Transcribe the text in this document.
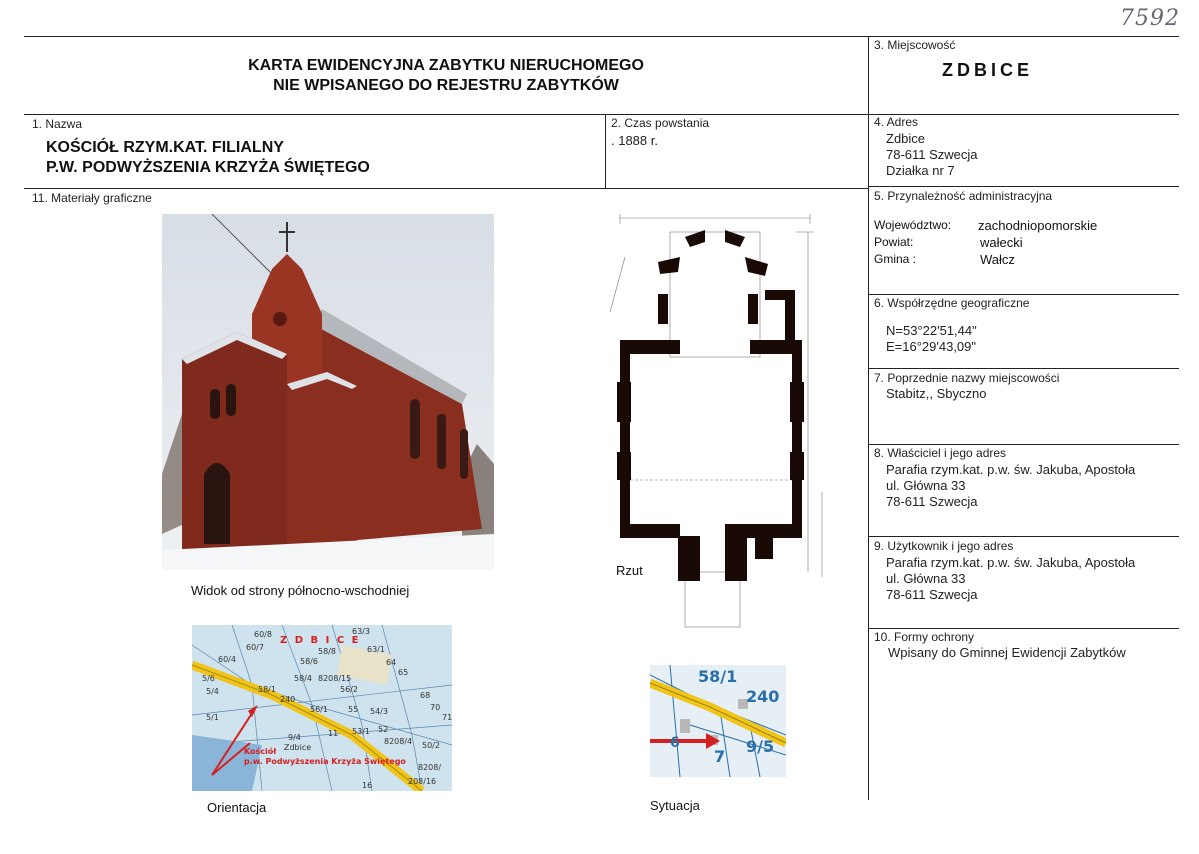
7592
KARTA EWIDENCYJNA ZABYTKU NIERUCHOMEGO
NIE WPISANEGO DO REJESTRU ZABYTKÓW
3. Miejscowość
ZDBICE
1. Nazwa
KOŚCIÓŁ RZYM.KAT. FILIALNY
P.W. PODWYŻSZENIA KRZYŻA ŚWIĘTEGO
2. Czas powstania
. 1888 r.
4. Adres
Zdbice
78-611 Szwecja
Działka nr 7
5. Przynależność administracyjna
Województwo:	zachodniopomorskie
Powiat:	wałecki
Gmina :	Wałcz
6. Współrzędne geograficzne
N=53°22'51,44"
E=16°29'43,09"
7. Poprzednie nazwy miejscowości
Stabitz,, Sbyczno
8. Właściciel i jego adres
Parafia rzym.kat. p.w. św. Jakuba, Apostoła
ul. Główna 33
78-611 Szwecja
9. Użytkownik i jego adres
Parafia rzym.kat. p.w. św. Jakuba, Apostoła
ul. Główna 33
78-611 Szwecja
10. Formy ochrony
Wpisany do Gminnej Ewidencji Zabytków
11. Materiały graficzne
Widok od strony północno-wschodniej
Rzut
Z D B I C E
60/8	63/3
60/7	58/8	63/1
60/4	58/6	64
65
5/6	58/4 8208/15
5/4	58/1	56/2
68
240
5/1
56/1	55 54/3	70
71
9/4
53/1 52
8208/4 50/2
11
8208/
208/16
16
Zdbice
Kościół
p.w. Podwyższenia Krzyża Świętego
Orientacja
58/1
240
6
7
9/5
Sytuacja
